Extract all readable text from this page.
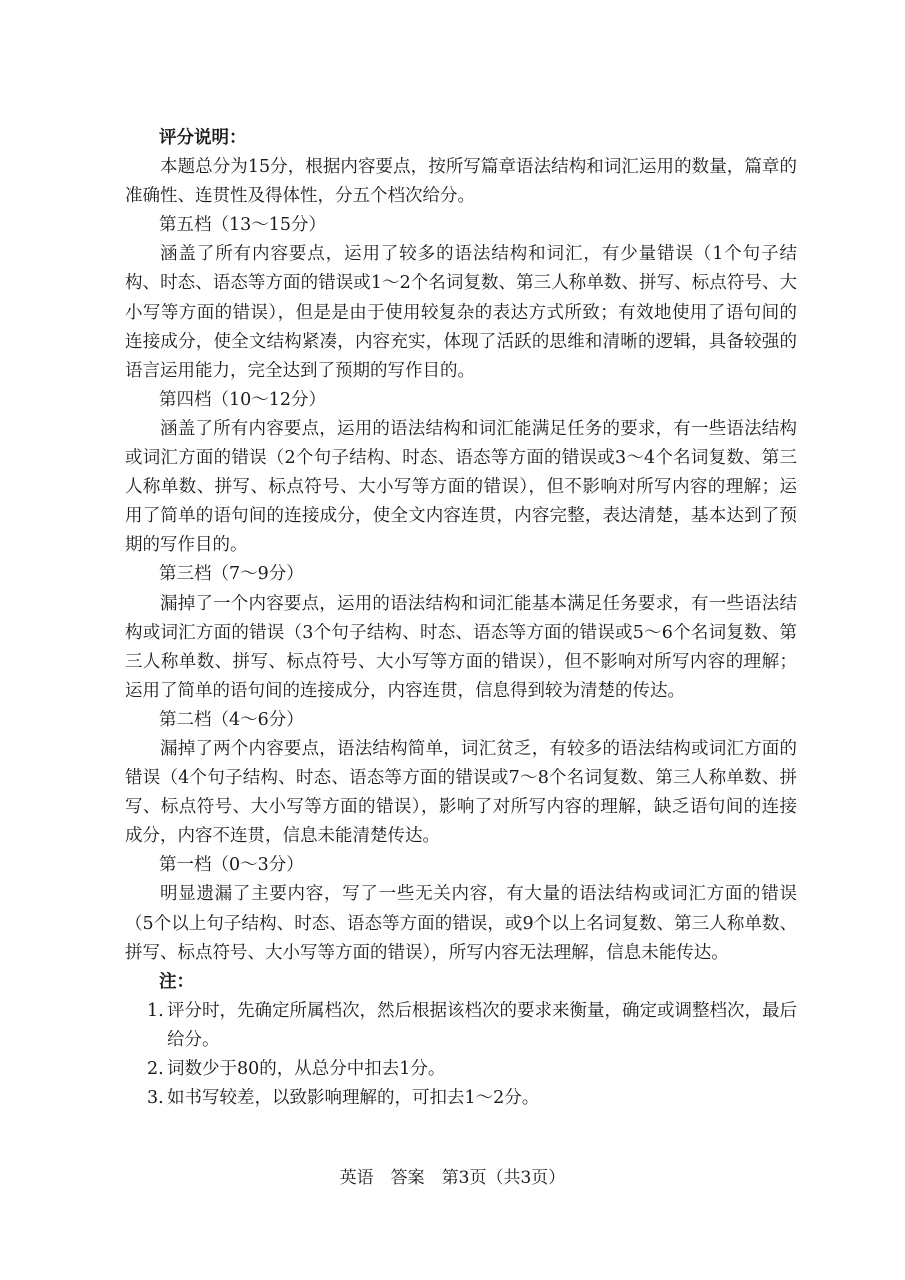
评分说明：
本题总分为15分，根据内容要点，按所写篇章语法结构和词汇运用的数量，篇章的准确性、连贯性及得体性，分五个档次给分。
第五档（13～15分）
涵盖了所有内容要点，运用了较多的语法结构和词汇，有少量错误（1个句子结构、时态、语态等方面的错误或1～2个名词复数、第三人称单数、拼写、标点符号、大小写等方面的错误），但是是由于使用较复杂的表达方式所致；有效地使用了语句间的连接成分，使全文结构紧凑，内容充实，体现了活跃的思维和清晰的逻辑，具备较强的语言运用能力，完全达到了预期的写作目的。
第四档（10～12分）
涵盖了所有内容要点，运用的语法结构和词汇能满足任务的要求，有一些语法结构或词汇方面的错误（2个句子结构、时态、语态等方面的错误或3～4个名词复数、第三人称单数、拼写、标点符号、大小写等方面的错误），但不影响对所写内容的理解；运用了简单的语句间的连接成分，使全文内容连贯，内容完整，表达清楚，基本达到了预期的写作目的。
第三档（7～9分）
漏掉了一个内容要点，运用的语法结构和词汇能基本满足任务要求，有一些语法结构或词汇方面的错误（3个句子结构、时态、语态等方面的错误或5～6个名词复数、第三人称单数、拼写、标点符号、大小写等方面的错误），但不影响对所写内容的理解；运用了简单的语句间的连接成分，内容连贯，信息得到较为清楚的传达。
第二档（4～6分）
漏掉了两个内容要点，语法结构简单，词汇贫乏，有较多的语法结构或词汇方面的错误（4个句子结构、时态、语态等方面的错误或7～8个名词复数、第三人称单数、拼写、标点符号、大小写等方面的错误），影响了对所写内容的理解，缺乏语句间的连接成分，内容不连贯，信息未能清楚传达。
第一档（0～3分）
明显遗漏了主要内容，写了一些无关内容，有大量的语法结构或词汇方面的错误（5个以上句子结构、时态、语态等方面的错误，或9个以上名词复数、第三人称单数、拼写、标点符号、大小写等方面的错误），所写内容无法理解，信息未能传达。
注：
1. 评分时，先确定所属档次，然后根据该档次的要求来衡量，确定或调整档次，最后给分。
2. 词数少于80的，从总分中扣去1分。
3. 如书写较差，以致影响理解的，可扣去1～2分。
英语　答案　第3页（共3页）
